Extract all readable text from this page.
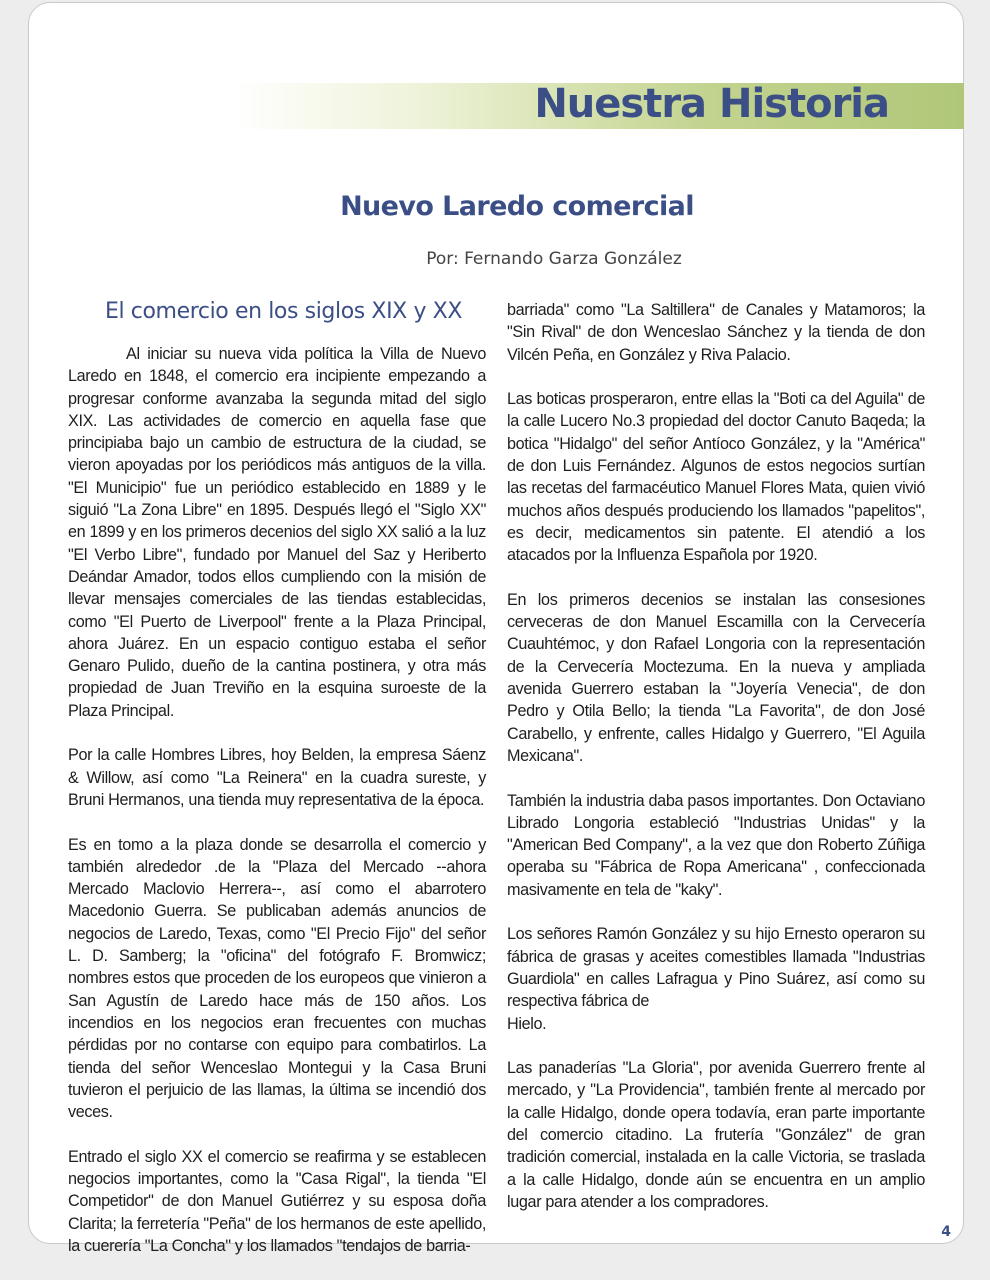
Nuestra Historia
Nuevo Laredo comercial
Por: Fernando Garza González
El comercio en los siglos XIX y XX

Al iniciar su nueva vida política la Villa de Nuevo Laredo en 1848, el comercio era incipiente empezando a progresar conforme avanzaba la segunda mitad del siglo XIX. Las actividades de comercio en aquella fase que principiaba bajo un cambio de estructura de la ciudad, se vieron apoyadas por los periódicos más antiguos de la villa. "El Municipio" fue un periódico establecido en 1889 y le siguió "La Zona Libre" en 1895. Después llegó el "Siglo XX" en 1899 y en los primeros decenios del siglo XX salió a la luz "El Verbo Libre", fundado por Manuel del Saz y Heriberto Deándar Amador, todos ellos cumpliendo con la misión de llevar mensajes comerciales de las tiendas establecidas, como "El Puerto de Liverpool" frente a la Plaza Principal, ahora Juárez. En un espacio contiguo estaba el señor Genaro Pulido, dueño de la cantina postinera, y otra más propiedad de Juan Treviño en la esquina suroeste de la Plaza Principal.

Por la calle Hombres Libres, hoy Belden, la empresa Sáenz & Willow, así como "La Reinera" en la cuadra sureste, y Bruni Hermanos, una tienda muy representativa de la época.

Es en tomo a la plaza donde se desarrolla el comercio y también alrededor .de la "Plaza del Mercado --ahora Mercado Maclovio Herrera--, así como el abarrotero Macedonio Guerra. Se publicaban además anuncios de negocios de Laredo, Texas, como "El Precio Fijo" del señor L. D. Samberg; la "oficina" del fotógrafo F. Bromwicz; nombres estos que proceden de los europeos que vinieron a San Agustín de Laredo hace más de 150 años. Los incendios en los negocios eran frecuentes con muchas pérdidas por no contarse con equipo para combatirlos. La tienda del señor Wenceslao Montegui y la Casa Bruni tuvieron el perjuicio de las llamas, la última se incendió dos veces.

Entrado el siglo XX el comercio se reafirma y se establecen negocios importantes, como la "Casa Rigal", la tienda "El Competidor" de don Manuel Gutiérrez y su esposa doña Clarita; la ferretería "Peña" de los hermanos de este apellido, la cuerería "La Concha" y los llamados "tendajos de barria-

barriada" como "La Saltillera" de Canales y Matamoros; la "Sin Rival" de don Wenceslao Sánchez y la tienda de don Vilcén Peña, en González y Riva Palacio.

Las boticas prosperaron, entre ellas la "Boti ca del Aguila" de la calle Lucero No.3 propiedad del doctor Canuto Baqeda; la botica "Hidalgo" del señor Antíoco González, y la "América" de don Luis Fernández. Algunos de estos negocios surtían las recetas del farmacéutico Manuel Flores Mata, quien vivió muchos años después produciendo los llamados "papelitos", es decir, medicamentos sin patente. El atendió a los atacados por la Influenza Española por 1920.

En los primeros decenios se instalan las consesiones cerveceras de don Manuel Escamilla con la Cervecería Cuauhtémoc, y don Rafael Longoria con la representación de la Cervecería Moctezuma. En la nueva y ampliada avenida Guerrero estaban la "Joyería Venecia", de don Pedro y Otila Bello; la tienda "La Favorita", de don José Carabello, y enfrente, calles Hidalgo y Guerrero, "El Aguila Mexicana".

También la industria daba pasos importantes. Don Octaviano Librado Longoria estableció "Industrias Unidas" y la "American Bed Company", a la vez que don Roberto Zúñiga operaba su "Fábrica de Ropa Americana" , confeccionada masivamente en tela de "kaky".

Los señores Ramón González y su hijo Ernesto operaron su fábrica de grasas y aceites comestibles llamada "Industrias Guardiola" en calles Lafragua y Pino Suárez, así como su respectiva fábrica de

Hielo.

Las panaderías "La Gloria", por avenida Guerrero frente al mercado, y "La Providencia", también frente al mercado por la calle Hidalgo, donde opera todavía, eran parte importante del comercio citadino. La frutería "González" de gran tradición comercial, instalada en la calle Victoria, se traslada a la calle Hidalgo, donde aún se encuentra en un amplio lugar para atender a los compradores.

4
